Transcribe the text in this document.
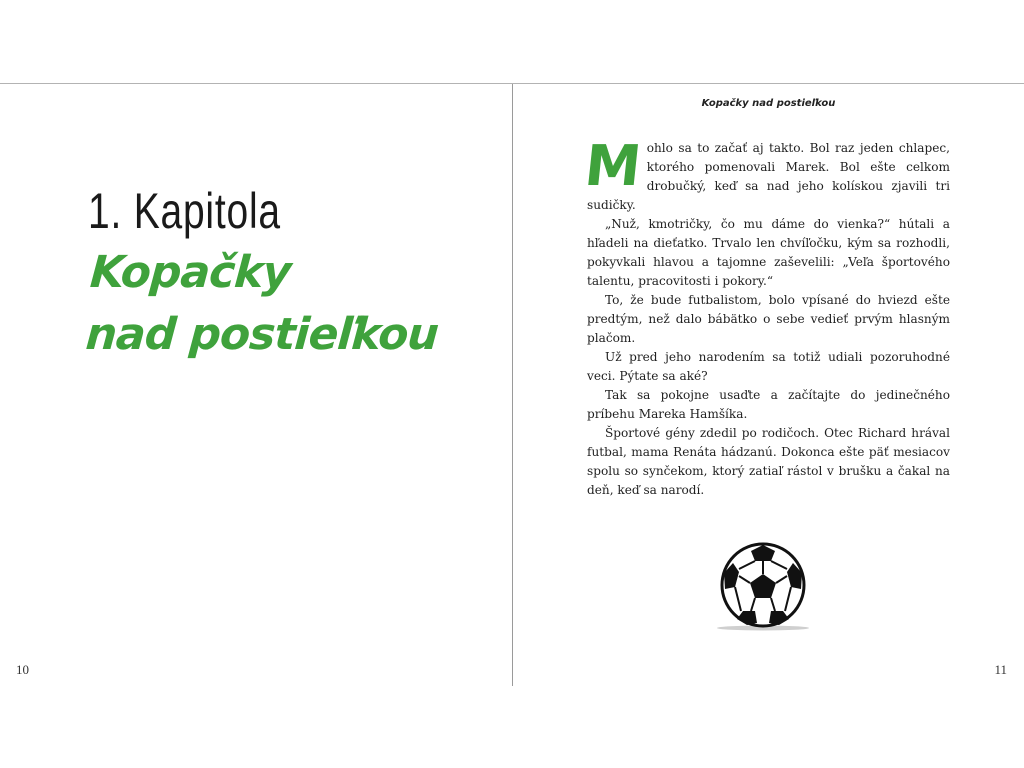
1. Kapitola
Kopačky
nad postieľkou
10
Kopačky nad postieľkou

Mohlo sa to začať aj takto. Bol raz jeden chlapec, ktorého pomenovali Marek. Bol ešte celkom drobučký, keď sa nad jeho kolískou zjavili tri sudičky.

„Nuž, kmotričky, čo mu dáme do vienka?“ hútali a hľadeli na dieťatko. Trvalo len chvíľočku, kým sa rozhodli, pokyvkali hlavou a tajomne zaševelili: „Veľa športového talentu, pracovitosti i pokory.“

To, že bude futbalistom, bolo vpísané do hviezd ešte predtým, než dalo bábätko o sebe vedieť prvým hlasným plačom.

Už pred jeho narodením sa totiž udiali pozoruhodné veci. Pýtate sa aké?

Tak sa pokojne usaďte a začítajte do jedinečného príbehu Mareka Hamšíka.

Športové gény zdedil po rodičoch. Otec Richard hrával futbal, mama Renáta hádzanú. Dokonca ešte päť mesiacov spolu so synčekom, ktorý zatiaľ rástol v brušku a čakal na deň, keď sa narodí.

11
